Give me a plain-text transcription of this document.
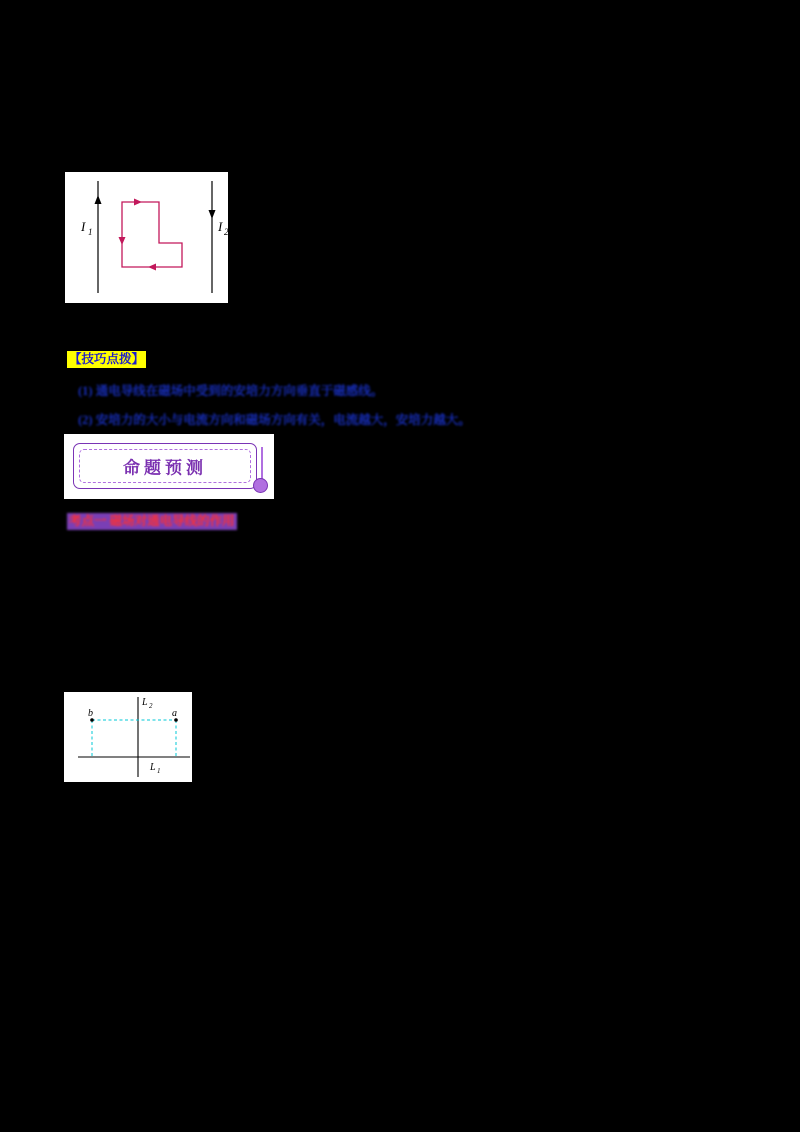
I 1	I 2
【技巧点拨】
(1) 通电导线在磁场中受到的安培力方向垂直于磁感线。
(2) 安培力的大小与电流方向和磁场方向有关，电流越大，安培力越大。
命题预测
考点一 磁场对通电导线的作用
b	a
L 2
L 1
